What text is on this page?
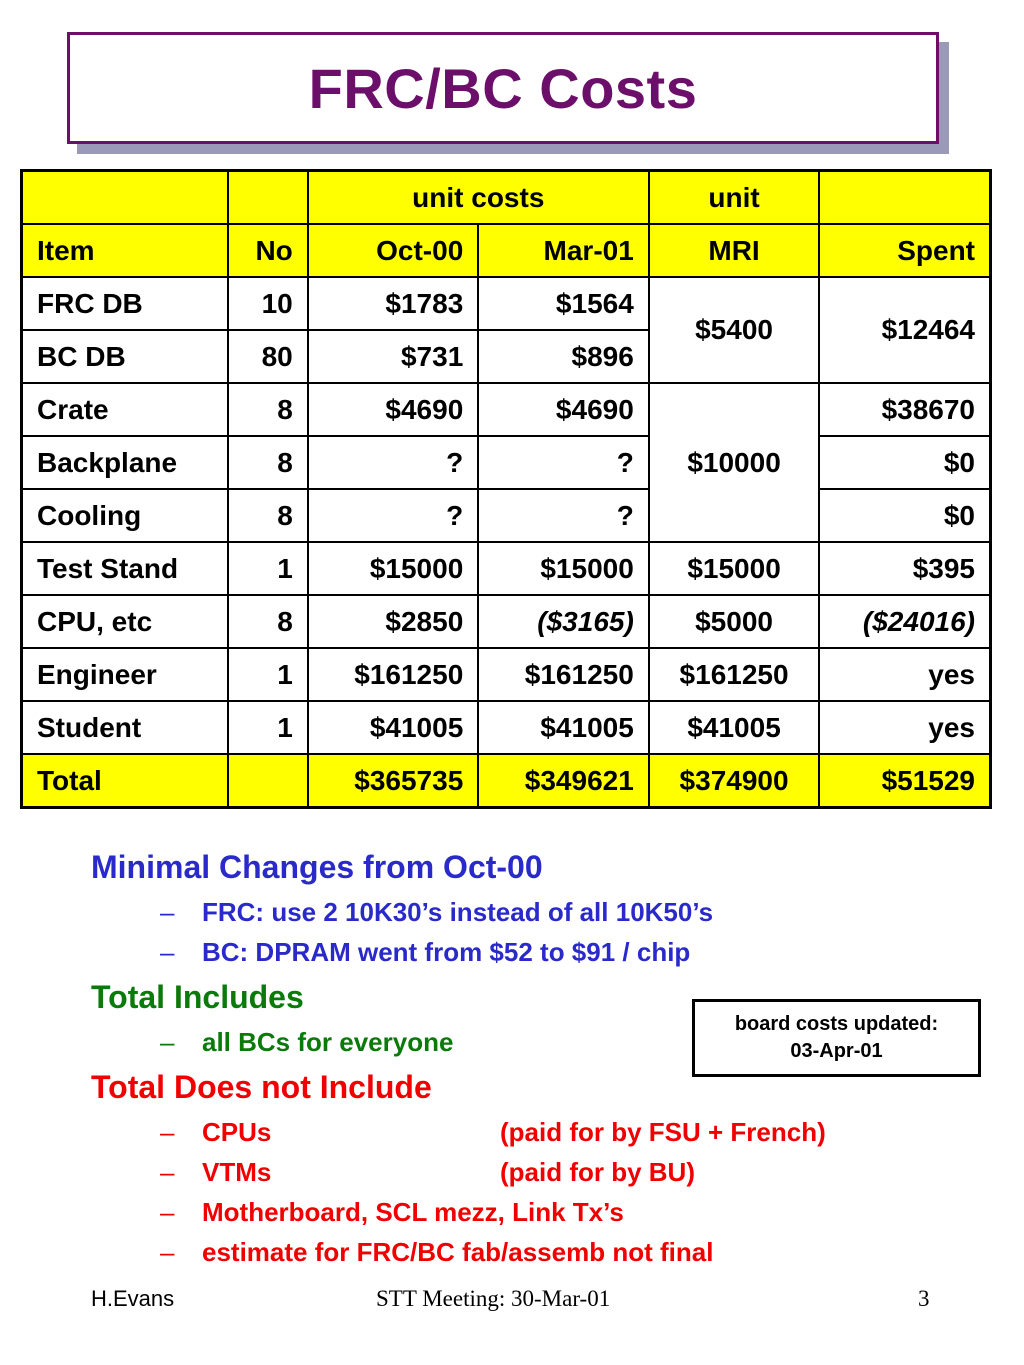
FRC/BC Costs
		unit costs		unit	
Item	No	Oct-00	Mar-01	MRI	Spent
FRC DB	10	$1783	$1564	$5400	$12464
BC DB	80	$731	$896		
Crate	8	$4690	$4690	$10000	$38670
Backplane	8	?	?		$0
Cooling	8	?	?		$0
Test Stand	1	$15000	$15000	$15000	$395
CPU, etc	8	$2850	($3165)	$5000	($24016)
Engineer	1	$161250	$161250	$161250	yes
Student	1	$41005	$41005	$41005	yes
Total		$365735	$349621	$374900	$51529
Minimal Changes from Oct-00
– FRC: use 2 10K30’s instead of all 10K50’s
– BC: DPRAM went from $52 to $91 / chip
Total Includes
– all BCs for everyone
Total Does not Include
– CPUs	(paid for by FSU + French)
– VTMs	(paid for by BU)
– Motherboard, SCL mezz, Link Tx’s
– estimate for FRC/BC fab/assemb not final
board costs updated:
03-Apr-01
H.Evans	STT Meeting: 30-Mar-01	3
